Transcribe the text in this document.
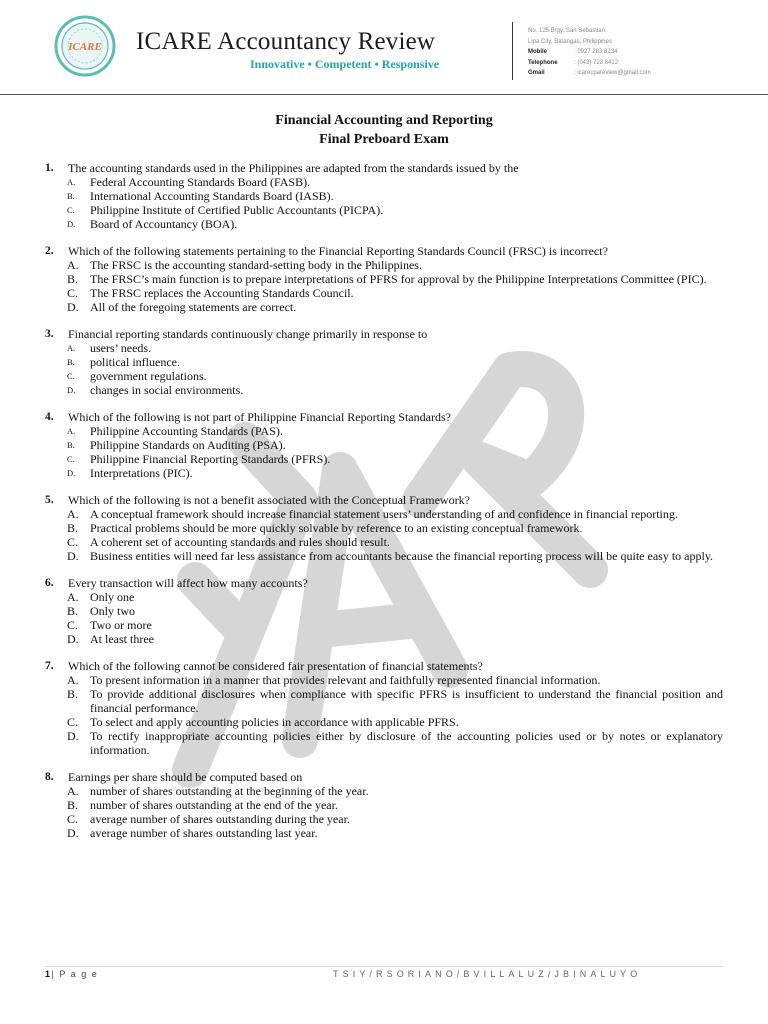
ICARE ICARE Accountancy Review
Innovative • Competent • Responsive
No. 125 Brgy. San Sebastian
Lipa City, Batangas, Philippines
Mobile	: 0927 283 8234
Telephone	: (043) 723 8412
Gmail	: icarecpareview@gmail.com
Financial Accounting and Reporting
Final Preboard Exam
1.	The accounting standards used in the Philippines are adapted from the standards issued by the
A.	Federal Accounting Standards Board (FASB).
B.	International Accounting Standards Board (IASB).
C.	Philippine Institute of Certified Public Accountants (PICPA).
D.	Board of Accountancy (BOA).
2.	Which of the following statements pertaining to the Financial Reporting Standards Council (FRSC) is incorrect?
A. The FRSC is the accounting standard-setting body in the Philippines.
B. The FRSC’s main function is to prepare interpretations of PFRS for approval by the Philippine Interpretations Committee (PIC).
C. The FRSC replaces the Accounting Standards Council.
D. All of the foregoing statements are correct.
3.	Financial reporting standards continuously change primarily in response to
A.	users’ needs.
B.	political influence.
C.	government regulations.
D.	changes in social environments.
4.	Which of the following is not part of Philippine Financial Reporting Standards?
A.	Philippine Accounting Standards (PAS).
B.	Philippine Standards on Auditing (PSA).
C.	Philippine Financial Reporting Standards (PFRS).
D.	Interpretations (PIC).
5.	Which of the following is not a benefit associated with the Conceptual Framework?
A. A conceptual framework should increase financial statement users’ understanding of and confidence in financial reporting.
B. Practical problems should be more quickly solvable by reference to an existing conceptual framework.
C. A coherent set of accounting standards and rules should result.
D. Business entities will need far less assistance from accountants because the financial reporting process will be quite easy to apply.
6.	Every transaction will affect how many accounts?
A. Only one
B. Only two
C. Two or more
D. At least three
7.	Which of the following cannot be considered fair presentation of financial statements?
A. To present information in a manner that provides relevant and faithfully represented financial information.
B. To provide additional disclosures when compliance with specific PFRS is insufficient to understand the financial position and financial performance.
C. To select and apply accounting policies in accordance with applicable PFRS.
D. To rectify inappropriate accounting policies either by disclosure of the accounting policies used or by notes or explanatory information.
8.	Earnings per share should be computed based on
A. number of shares outstanding at the beginning of the year.
B. number of shares outstanding at the end of the year.
C. average number of shares outstanding during the year.
D. average number of shares outstanding last year.
1| P a g e	TSIY/RSORIANO/BVILLALUZ/JBINALUYO
